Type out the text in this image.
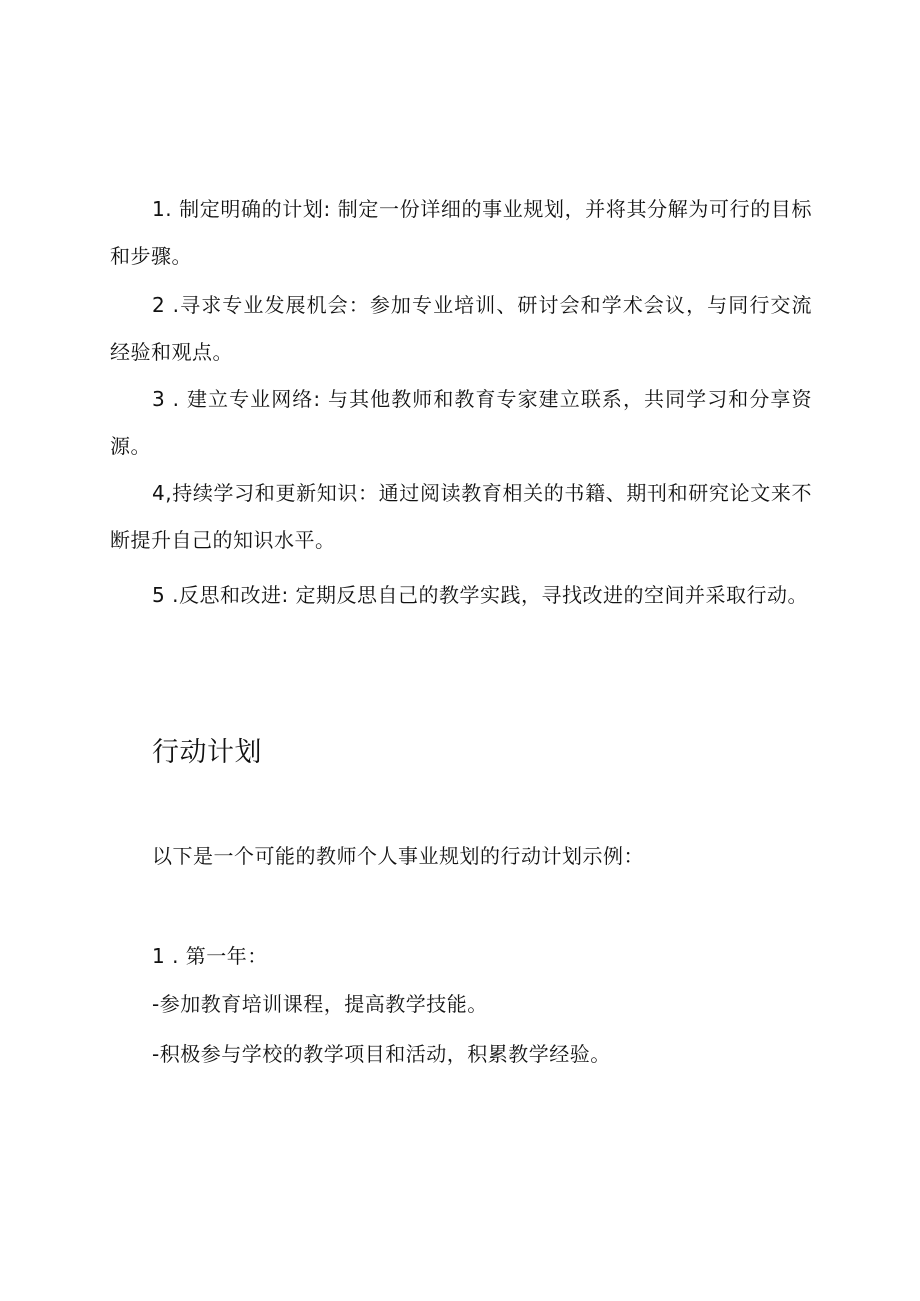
1. 制定明确的计划: 制定一份详细的事业规划，并将其分解为可行的目标和步骤。

2 .寻求专业发展机会：参加专业培训、研讨会和学术会议，与同行交流经验和观点。

3 . 建立专业网络: 与其他教师和教育专家建立联系，共同学习和分享资源。

4,持续学习和更新知识：通过阅读教育相关的书籍、期刊和研究论文来不断提升自己的知识水平。

5 .反思和改进: 定期反思自己的教学实践，寻找改进的空间并采取行动。

行动计划

以下是一个可能的教师个人事业规划的行动计划示例：

1 . 第一年：

-参加教育培训课程，提高教学技能。

-积极参与学校的教学项目和活动，积累教学经验。
